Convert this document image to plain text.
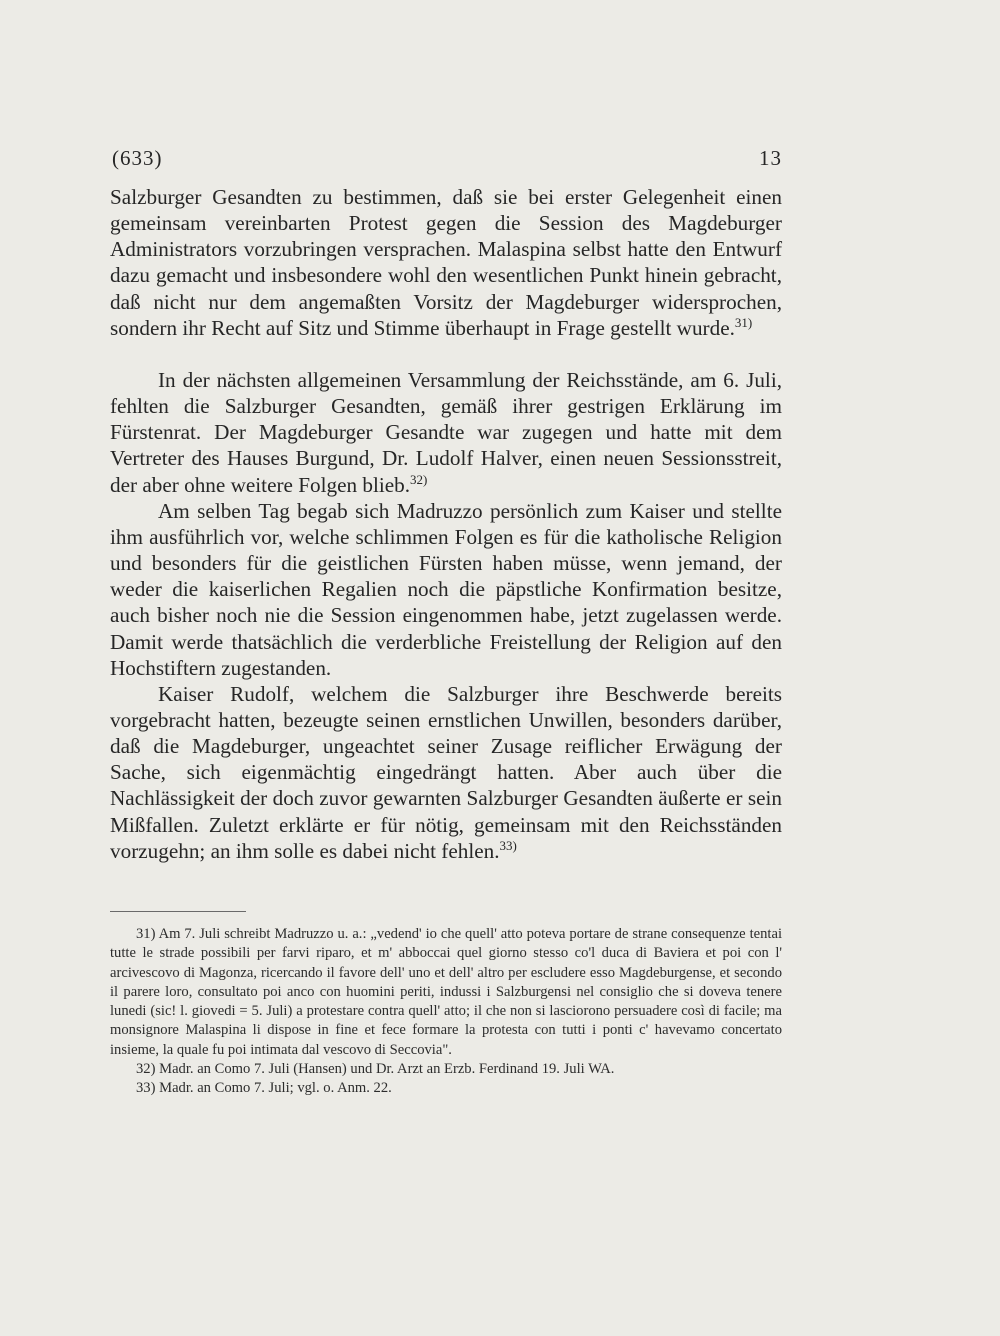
(633)	13

Salzburger Gesandten zu bestimmen, daß sie bei erster Gelegenheit einen gemeinsam vereinbarten Protest gegen die Session des Magdeburger Administrators vorzubringen versprachen. Malaspina selbst hatte den Entwurf dazu gemacht und insbesondere wohl den wesentlichen Punkt hinein gebracht, daß nicht nur dem angemaßten Vorsitz der Magdeburger widersprochen, sondern ihr Recht auf Sitz und Stimme überhaupt in Frage gestellt wurde.$^{31)}$

In der nächsten allgemeinen Versammlung der Reichsstände, am 6. Juli, fehlten die Salzburger Gesandten, gemäß ihrer gestrigen Erklärung im Fürstenrat. Der Magdeburger Gesandte war zugegen und hatte mit dem Vertreter des Hauses Burgund, Dr. Ludolf Halver, einen neuen Sessionsstreit, der aber ohne weitere Folgen blieb.$^{32)}$

Am selben Tag begab sich Madruzzo persönlich zum Kaiser und stellte ihm ausführlich vor, welche schlimmen Folgen es für die katholische Religion und besonders für die geistlichen Fürsten haben müsse, wenn jemand, der weder die kaiserlichen Regalien noch die päpstliche Konfirmation besitze, auch bisher noch nie die Session eingenommen habe, jetzt zugelassen werde. Damit werde thatsächlich die verderbliche Freistellung der Religion auf den Hochstiftern zugestanden.

Kaiser Rudolf, welchem die Salzburger ihre Beschwerde bereits vorgebracht hatten, bezeugte seinen ernstlichen Unwillen, besonders darüber, daß die Magdeburger, ungeachtet seiner Zusage reiflicher Erwägung der Sache, sich eigenmächtig eingedrängt hatten. Aber auch über die Nachlässigkeit der doch zuvor gewarnten Salzburger Gesandten äußerte er sein Mißfallen. Zuletzt erklärte er für nötig, gemeinsam mit den Reichsständen vorzugehn; an ihm solle es dabei nicht fehlen.$^{33)}$

31) Am 7. Juli schreibt Madruzzo u. a.: „vedend' io che quell' atto poteva portare de strane consequenze tentai tutte le strade possibili per farvi riparo, et m' abboccai quel giorno stesso co'l duca di Baviera et poi con l' arcivescovo di Magonza, ricercando il favore dell' uno et dell' altro per escludere esso Magdeburgense, et secondo il parere loro, consultato poi anco con huomini periti, indussi i Salzburgensi nel consiglio che si doveva tenere lunedi (sic! l. giovedi = 5. Juli) a protestare contra quell' atto; il che non si lasciorono persuadere così di facile; ma monsignore Malaspina li dispose in fine et fece formare la protesta con tutti i ponti c' havevamo concertato insieme, la quale fu poi intimata dal vescovo di Seccovia".

32) Madr. an Como 7. Juli (Hansen) und Dr. Arzt an Erzb. Ferdinand 19. Juli WA.

33) Madr. an Como 7. Juli; vgl. o. Anm. 22.
